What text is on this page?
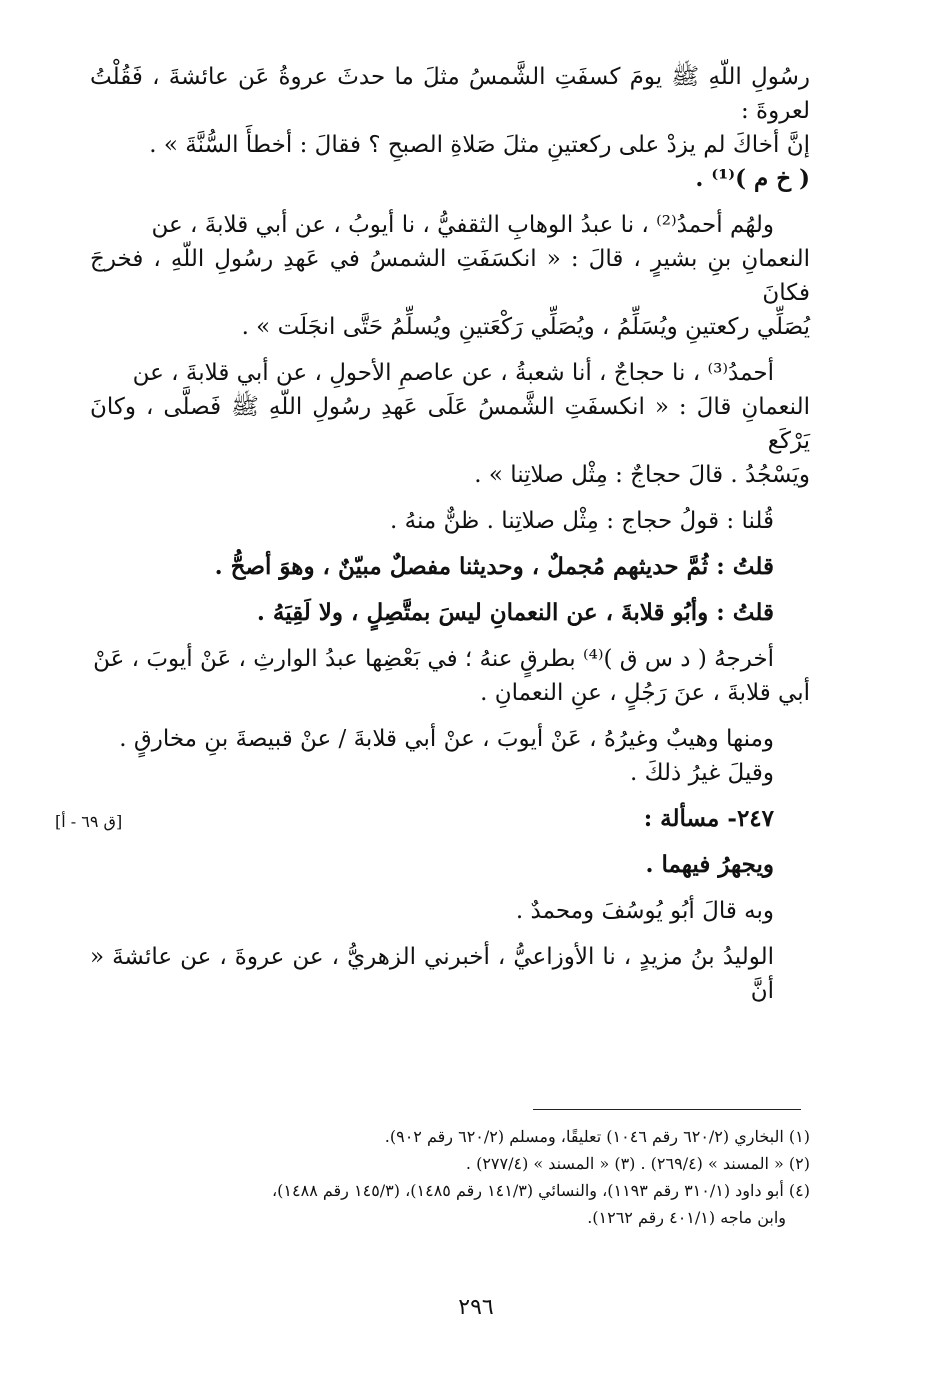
رسُولِ اللّهِ ﷺ يومَ كسفَتِ الشَّمسُ مثلَ ما حدثَ عروةُ عَن عائشةَ ، فَقُلْتُ لعروةَ :

إنَّ أخاكَ لم يزدْ على ركعتينِ مثلَ صَلاةِ الصبحِ ؟ فقالَ : أخطأَ السُّنَّةَ » .

( خ م )⁽¹⁾ .

ولهُم أحمدُ⁽²⁾ ، نا عبدُ الوهابِ الثقفيُّ ، نا أيوبُ ، عن أبي قلابةَ ، عن

النعمانِ بنِ بشيرٍ ، قالَ : « انكسَفَتِ الشمسُ في عَهدِ رسُولِ اللّهِ ، فخرجَ فكانَ

يُصَلِّي ركعتينِ ويُسَلِّمُ ، ويُصَلِّي رَكْعَتينِ ويُسلِّمُ حَتَّى انجَلَت » .

أحمدُ⁽³⁾ ، نا حجاجٌ ، أنا شعبةُ ، عن عاصمِ الأحولِ ، عن أبي قلابةَ ، عن

النعمانِ قالَ : « انكسفَتِ الشَّمسُ عَلَى عَهدِ رسُولِ اللّهِ ﷺ فَصلَّى ، وكانَ يَرْكَع

ويَسْجُدُ . قالَ حجاجٌ : مِثْل صلاتِنا » .

قُلنا : قولُ حجاج : مِثْل صلاتِنا . ظنٌّ منهُ .

قلتُ : ثُمَّ حديثهم مُجملٌ ، وحديثنا مفصلٌ مبيّنٌ ، وهوَ أصحُّ .

قلتُ : وأبُو قلابةَ ، عن النعمانِ ليسَ بمتَّصِلٍ ، ولا لَقِيَهُ .

أخرجهُ ( د س ق )⁽⁴⁾ بطرقٍ عنهُ ؛ في بَعْضِها عبدُ الوارثِ ، عَنْ أيوبَ ، عَنْ

أبي قلابةَ ، عنَ رَجُلٍ ، عنِ النعمانِ .

ومنها وهيبٌ وغيرُهُ ، عَنْ أيوبَ ، عنْ أبي قلابةَ / عنْ قبيصةَ بنِ مخارقٍ .

وقيلَ غيرُ ذلكَ .

٢٤٧- مسألة :

ويجهرُ فيهما .

وبه قالَ أبُو يُوسُفَ ومحمدٌ .

الوليدُ بنُ مزيدٍ ، نا الأوزاعيُّ ، أخبرني الزهريُّ ، عن عروةَ ، عن عائشةَ « أنَّ

[ق ٦٩ - أ]

(١) البخاري (٦٢٠/٢ رقم ١٠٤٦) تعليقًا، ومسلم (٦٢٠/٢ رقم ٩٠٢).

(٢) « المسند » (٢٦٩/٤) . (٣) « المسند » (٢٧٧/٤) .

(٤) أبو داود (٣١٠/١ رقم ١١٩٣)، والنسائي (١٤١/٣ رقم ١٤٨٥)، (١٤٥/٣ رقم ١٤٨٨)،

وابن ماجه (٤٠١/١ رقم ١٢٦٢).

٢٩٦
